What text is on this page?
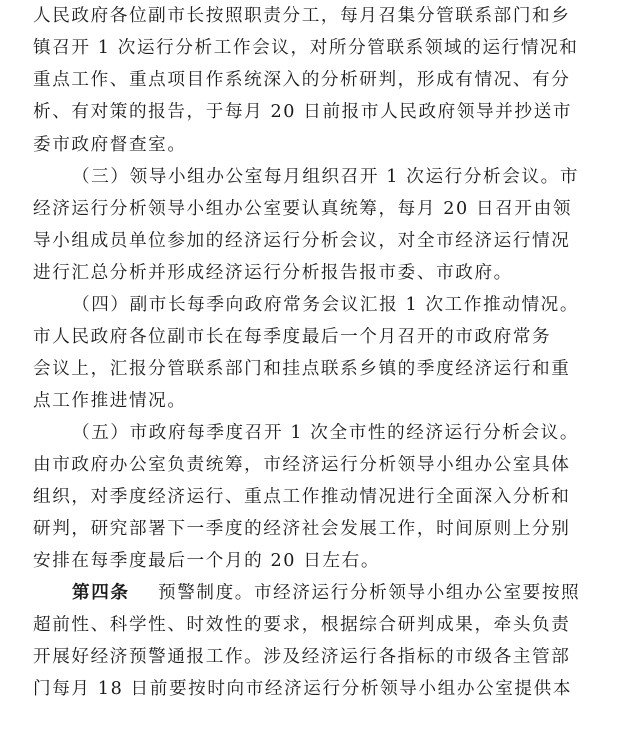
人民政府各位副市长按照职责分工，每月召集分管联系部门和乡
镇召开 1 次运行分析工作会议，对所分管联系领域的运行情况和
重点工作、重点项目作系统深入的分析研判，形成有情况、有分
析、有对策的报告，于每月 20 日前报市人民政府领导并抄送市
委市政府督查室。
（三）领导小组办公室每月组织召开 1 次运行分析会议。市
经济运行分析领导小组办公室要认真统筹，每月 20 日召开由领
导小组成员单位参加的经济运行分析会议，对全市经济运行情况
进行汇总分析并形成经济运行分析报告报市委、市政府。
（四）副市长每季向政府常务会议汇报 1 次工作推动情况。
市人民政府各位副市长在每季度最后一个月召开的市政府常务
会议上，汇报分管联系部门和挂点联系乡镇的季度经济运行和重
点工作推进情况。
（五）市政府每季度召开 1 次全市性的经济运行分析会议。
由市政府办公室负责统筹，市经济运行分析领导小组办公室具体
组织，对季度经济运行、重点工作推动情况进行全面深入分析和
研判，研究部署下一季度的经济社会发展工作，时间原则上分别
安排在每季度最后一个月的 20 日左右。
第四条 预警制度。市经济运行分析领导小组办公室要按照
超前性、科学性、时效性的要求，根据综合研判成果，牵头负责
开展好经济预警通报工作。涉及经济运行各指标的市级各主管部
门每月 18 日前要按时向市经济运行分析领导小组办公室提供本
